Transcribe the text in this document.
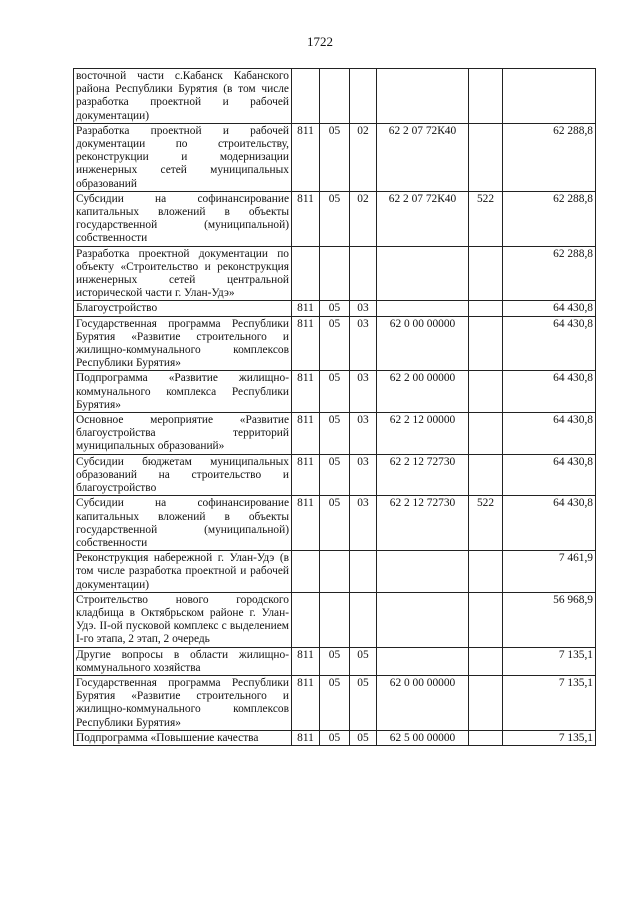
1722
восточной части с.Кабанск Кабанского района Республики Бурятия (в том числе разработка проектной и рабочей документации)						
Разработка проектной и рабочей документации по строительству, реконструкции и модернизации инженерных сетей муниципальных образований	811	05	02	62 2 07 72К40		62 288,8
Субсидии на софинансирование капитальных вложений в объекты государственной (муниципальной) собственности	811	05	02	62 2 07 72К40	522	62 288,8
Разработка проектной документации по объекту «Строительство и реконструкция инженерных сетей центральной исторической части г. Улан-Удэ»						62 288,8
Благоустройство	811	05	03			64 430,8
Государственная программа Республики Бурятия «Развитие строительного и жилищно-коммунального комплексов Республики Бурятия»	811	05	03	62 0 00 00000		64 430,8
Подпрограмма «Развитие жилищно-коммунального комплекса Республики Бурятия»	811	05	03	62 2 00 00000		64 430,8
Основное мероприятие «Развитие благоустройства территорий муниципальных образований»	811	05	03	62 2 12 00000		64 430,8
Субсидии бюджетам муниципальных образований на строительство и благоустройство	811	05	03	62 2 12 72730		64 430,8
Субсидии на софинансирование капитальных вложений в объекты государственной (муниципальной) собственности	811	05	03	62 2 12 72730	522	64 430,8
Реконструкция набережной г. Улан-Удэ (в том числе разработка проектной и рабочей документации)						7 461,9
Строительство нового городского кладбища в Октябрьском районе г. Улан-Удэ. II-ой пусковой комплекс с выделением I-го этапа, 2 этап, 2 очередь						56 968,9
Другие вопросы в области жилищно-коммунального хозяйства	811	05	05			7 135,1
Государственная программа Республики Бурятия «Развитие строительного и жилищно-коммунального комплексов Республики Бурятия»	811	05	05	62 0 00 00000		7 135,1
Подпрограмма «Повышение качества	811	05	05	62 5 00 00000		7 135,1
